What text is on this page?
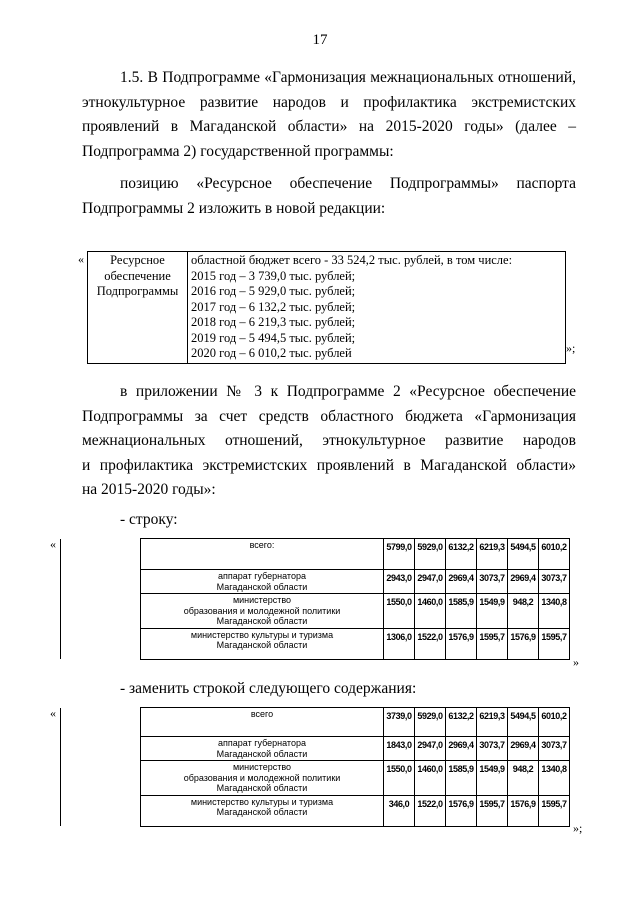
17
1.5. В Подпрограмме «Гармонизация межнациональных отношений,
этнокультурное развитие народов и профилактика экстремистских
проявлений в Магаданской области» на 2015-2020 годы» (далее –
Подпрограмма 2) государственной программы:
позицию «Ресурсное обеспечение Подпрограммы» паспорта
Подпрограммы 2 изложить в новой редакции:
«	Ресурсное
обеспечение
Подпрограммы

областной бюджет всего - 33 524,2 тыс. рублей, в том числе:
2015 год – 3 739,0 тыс. рублей;
2016 год – 5 929,0 тыс. рублей;
2017 год – 6 132,2 тыс. рублей;
2018 год – 6 219,3 тыс. рублей;
2019 год – 5 494,5 тыс. рублей;
2020 год – 6 010,2 тыс. рублей	»;
в приложении № 3 к Подпрограмме 2 «Ресурсное обеспечение
Подпрограммы за счет средств областного бюджета «Гармонизация
межнациональных отношений, этнокультурное развитие народов
и профилактика экстремистских проявлений в Магаданской области»
на 2015-2020 годы»:
- строку:
«

	всего:	5799,0	5929,0	6132,2	6219,3	5494,5	6010,2

	аппарат губернатора
Магаданской области	2943,0	2947,0	2969,4	3073,7	2969,4	3073,7

	министерство
образования и молодежной политики
Магаданской области	1550,0	1460,0	1585,9	1549,9	948,2	1340,8

	министерство культуры и туризма
Магаданской области	1306,0	1522,0	1576,9	1595,7	1576,9	1595,7
»
- заменить строкой следующего содержания:
«

	всего	3739,0	5929,0	6132,2	6219,3	5494,5	6010,2

	аппарат губернатора
Магаданской области	1843,0	2947,0	2969,4	3073,7	2969,4	3073,7

	министерство
образования и молодежной политики
Магаданской области	1550,0	1460,0	1585,9	1549,9	948,2	1340,8

	министерство культуры и туризма
Магаданской области	346,0	1522,0	1576,9	1595,7	1576,9	1595,7
»;
